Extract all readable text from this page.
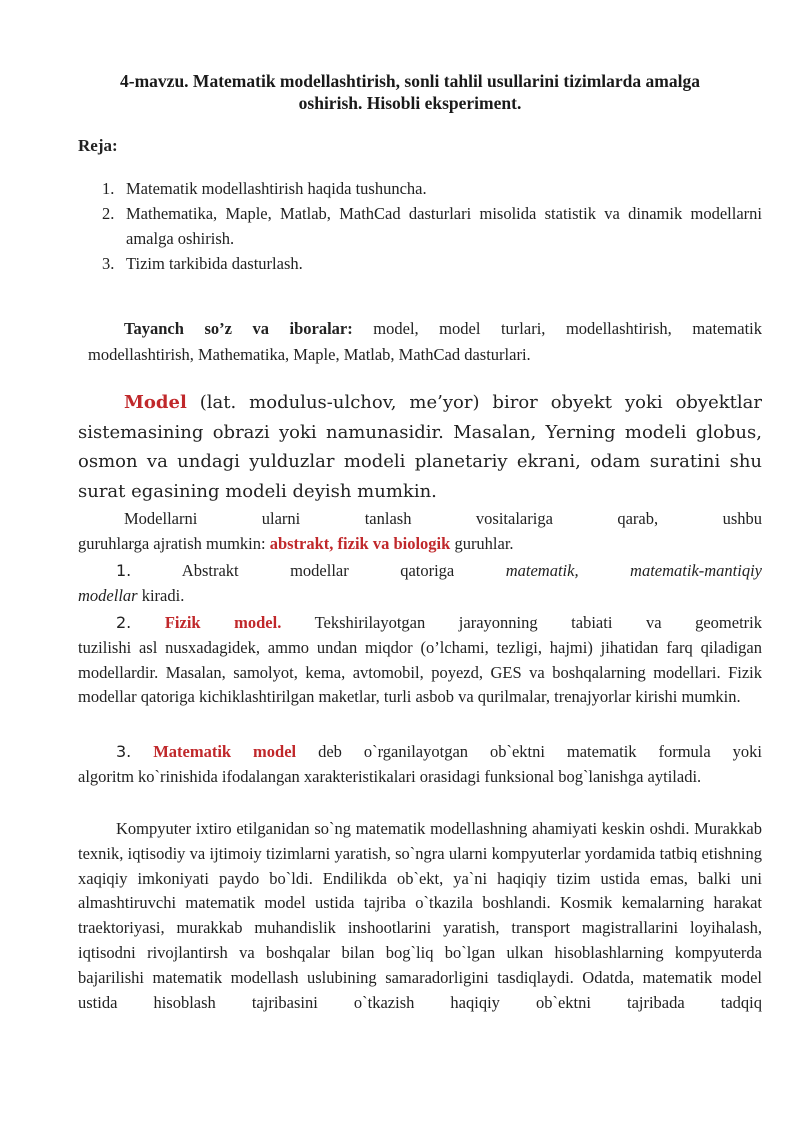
4-mavzu. Matematik modellashtirish, sonli tahlil usullarini tizimlarda amalga
oshirish. Hisobli eksperiment.
Reja:
1. Matematik modellashtirish haqida tushuncha.
2. Mathematika, Maple, Matlab, MathCad dasturlari misolida statistik va dinamik modellarni amalga oshirish.
3. Tizim tarkibida dasturlash.
Tayanch so’z va iboralar: model, model turlari, modellashtirish, matematik
modellashtirish, Mathematika, Maple, Matlab, MathCad dasturlari.
Model (lat. modulus-ulchov, me’yor) biror obyekt yoki obyektlar
sistemasining obrazi yoki namunasidir. Masalan, Yerning modeli globus, osmon va undagi yulduzlar modeli planetariy ekrani, odam suratini shu surat egasining modeli deyish mumkin.
Modellarni ularni tanlash vositalariga qarab, ushbu
guruhlarga ajratish mumkin: abstrakt, fizik va biologik guruhlar.
1. Abstrakt modellar qatoriga matematik, matematik-mantiqiy
modellar kiradi.
2. Fizik model. Tekshirilayotgan jarayonning tabiati va geometrik
tuzilishi asl nusxadagidek, ammo undan miqdor (o’lchami, tezligi, hajmi) jihatidan farq qiladigan modellardir. Masalan, samolyot, kema, avtomobil, poyezd, GES va boshqalarning modellari. Fizik modellar qatoriga kichiklashtirilgan maketlar, turli asbob va qurilmalar, trenajyorlar kirishi mumkin.
3. Matematik model deb o`rganilayotgan ob`ektni matematik formula yoki
algoritm ko`rinishida ifodalangan xarakteristikalari orasidagi funksional bog`lanishga aytiladi.
Kompyuter ixtiro etilganidan so`ng matematik modellashning ahamiyati keskin oshdi. Murakkab texnik, iqtisodiy va ijtimoiy tizimlarni yaratish, so`ngra ularni kompyuterlar yordamida tatbiq etishning xaqiqiy imkoniyati paydo bo`ldi. Endilikda ob`ekt, ya`ni haqiqiy tizim ustida emas, balki uni almashtiruvchi matematik model ustida tajriba o`tkazila boshlandi. Kosmik kemalarning harakat traektoriyasi, murakkab muhandislik inshootlarini yaratish, transport magistrallarini loyihalash, iqtisodni rivojlantirsh va boshqalar bilan bog`liq bo`lgan ulkan hisoblashlarning kompyuterda bajarilishi matematik modellash uslubining samaradorligini tasdiqlaydi. Odatda, matematik model ustida hisoblash tajribasini o`tkazish haqiqiy ob`ektni tajribada tadqiq
